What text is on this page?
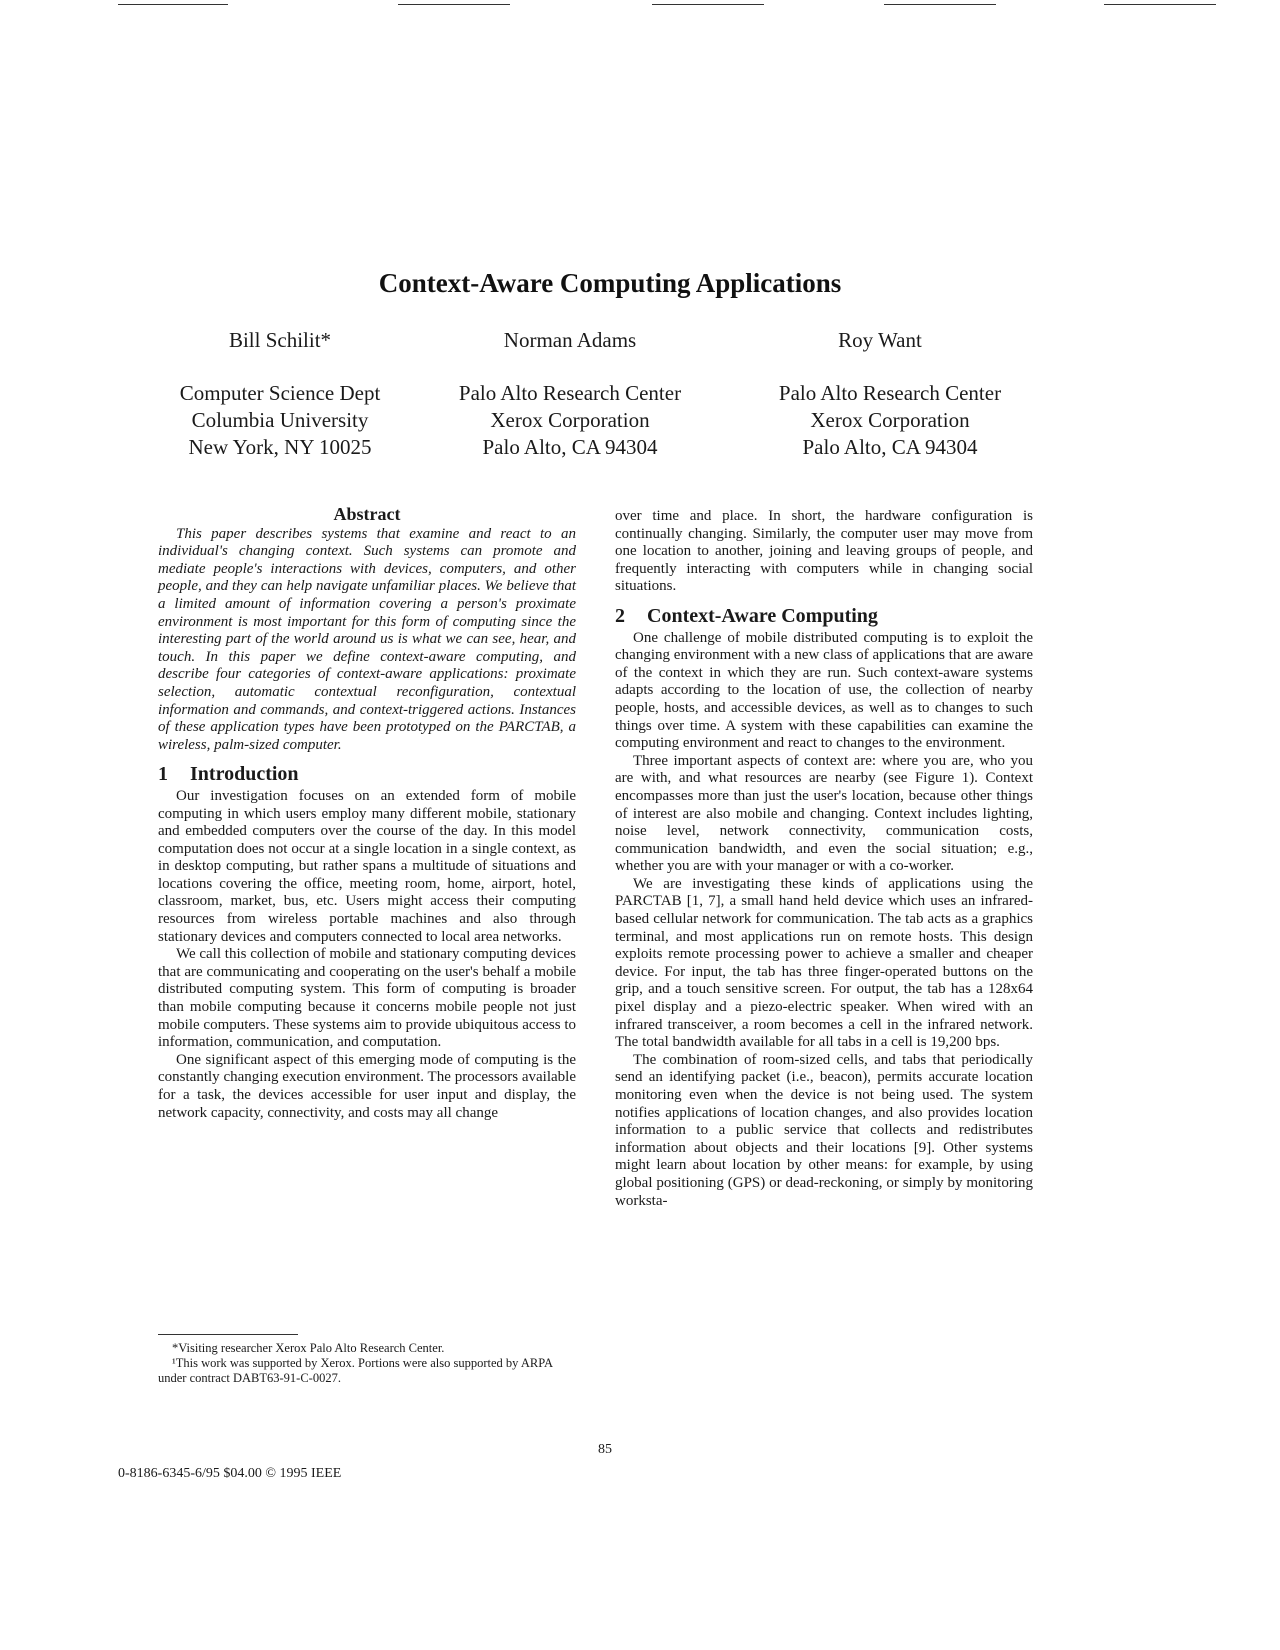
Context-Aware Computing Applications
Bill Schilit*	Norman Adams	Roy Want
Computer Science Dept
Columbia University
New York, NY 10025
Palo Alto Research Center
Xerox Corporation
Palo Alto, CA 94304
Palo Alto Research Center
Xerox Corporation
Palo Alto, CA 94304
Abstract

This paper describes systems that examine and react to an individual's changing context. Such systems can promote and mediate people's interactions with devices, computers, and other people, and they can help navigate unfamiliar places. We believe that a limited amount of information covering a person's proximate environment is most important for this form of computing since the interesting part of the world around us is what we can see, hear, and touch. In this paper we define context-aware computing, and describe four categories of context-aware applications: proximate selection, automatic contextual reconfiguration, contextual information and commands, and context-triggered actions. Instances of these application types have been prototyped on the PARCTAB, a wireless, palm-sized computer.

1 Introduction

Our investigation focuses on an extended form of mobile computing in which users employ many different mobile, stationary and embedded computers over the course of the day. In this model computation does not occur at a single location in a single context, as in desktop computing, but rather spans a multitude of situations and locations covering the office, meeting room, home, airport, hotel, classroom, market, bus, etc. Users might access their computing resources from wireless portable machines and also through stationary devices and computers connected to local area networks.

We call this collection of mobile and stationary computing devices that are communicating and cooperating on the user's behalf a mobile distributed computing system. This form of computing is broader than mobile computing because it concerns mobile people not just mobile computers. These systems aim to provide ubiquitous access to information, communication, and computation.

One significant aspect of this emerging mode of computing is the constantly changing execution environment. The processors available for a task, the devices accessible for user input and display, the network capacity, connectivity, and costs may all change

over time and place. In short, the hardware configuration is continually changing. Similarly, the computer user may move from one location to another, joining and leaving groups of people, and frequently interacting with computers while in changing social situations.

2 Context-Aware Computing

One challenge of mobile distributed computing is to exploit the changing environment with a new class of applications that are aware of the context in which they are run. Such context-aware systems adapts according to the location of use, the collection of nearby people, hosts, and accessible devices, as well as to changes to such things over time. A system with these capabilities can examine the computing environment and react to changes to the environment.

Three important aspects of context are: where you are, who you are with, and what resources are nearby (see Figure 1). Context encompasses more than just the user's location, because other things of interest are also mobile and changing. Context includes lighting, noise level, network connectivity, communication costs, communication bandwidth, and even the social situation; e.g., whether you are with your manager or with a co-worker.

We are investigating these kinds of applications using the PARCTAB [1, 7], a small hand held device which uses an infrared-based cellular network for communication. The tab acts as a graphics terminal, and most applications run on remote hosts. This design exploits remote processing power to achieve a smaller and cheaper device. For input, the tab has three finger-operated buttons on the grip, and a touch sensitive screen. For output, the tab has a 128x64 pixel display and a piezo-electric speaker. When wired with an infrared transceiver, a room becomes a cell in the infrared network. The total bandwidth available for all tabs in a cell is 19,200 bps.

The combination of room-sized cells, and tabs that periodically send an identifying packet (i.e., beacon), permits accurate location monitoring even when the device is not being used. The system notifies applications of location changes, and also provides location information to a public service that collects and redistributes information about objects and their locations [9]. Other systems might learn about location by other means: for example, by using global positioning (GPS) or dead-reckoning, or simply by monitoring worksta-

*Visiting researcher Xerox Palo Alto Research Center.

¹This work was supported by Xerox. Portions were also supported by ARPA under contract DABT63-91-C-0027.

85
0-8186-6345-6/95 $04.00 © 1995 IEEE
